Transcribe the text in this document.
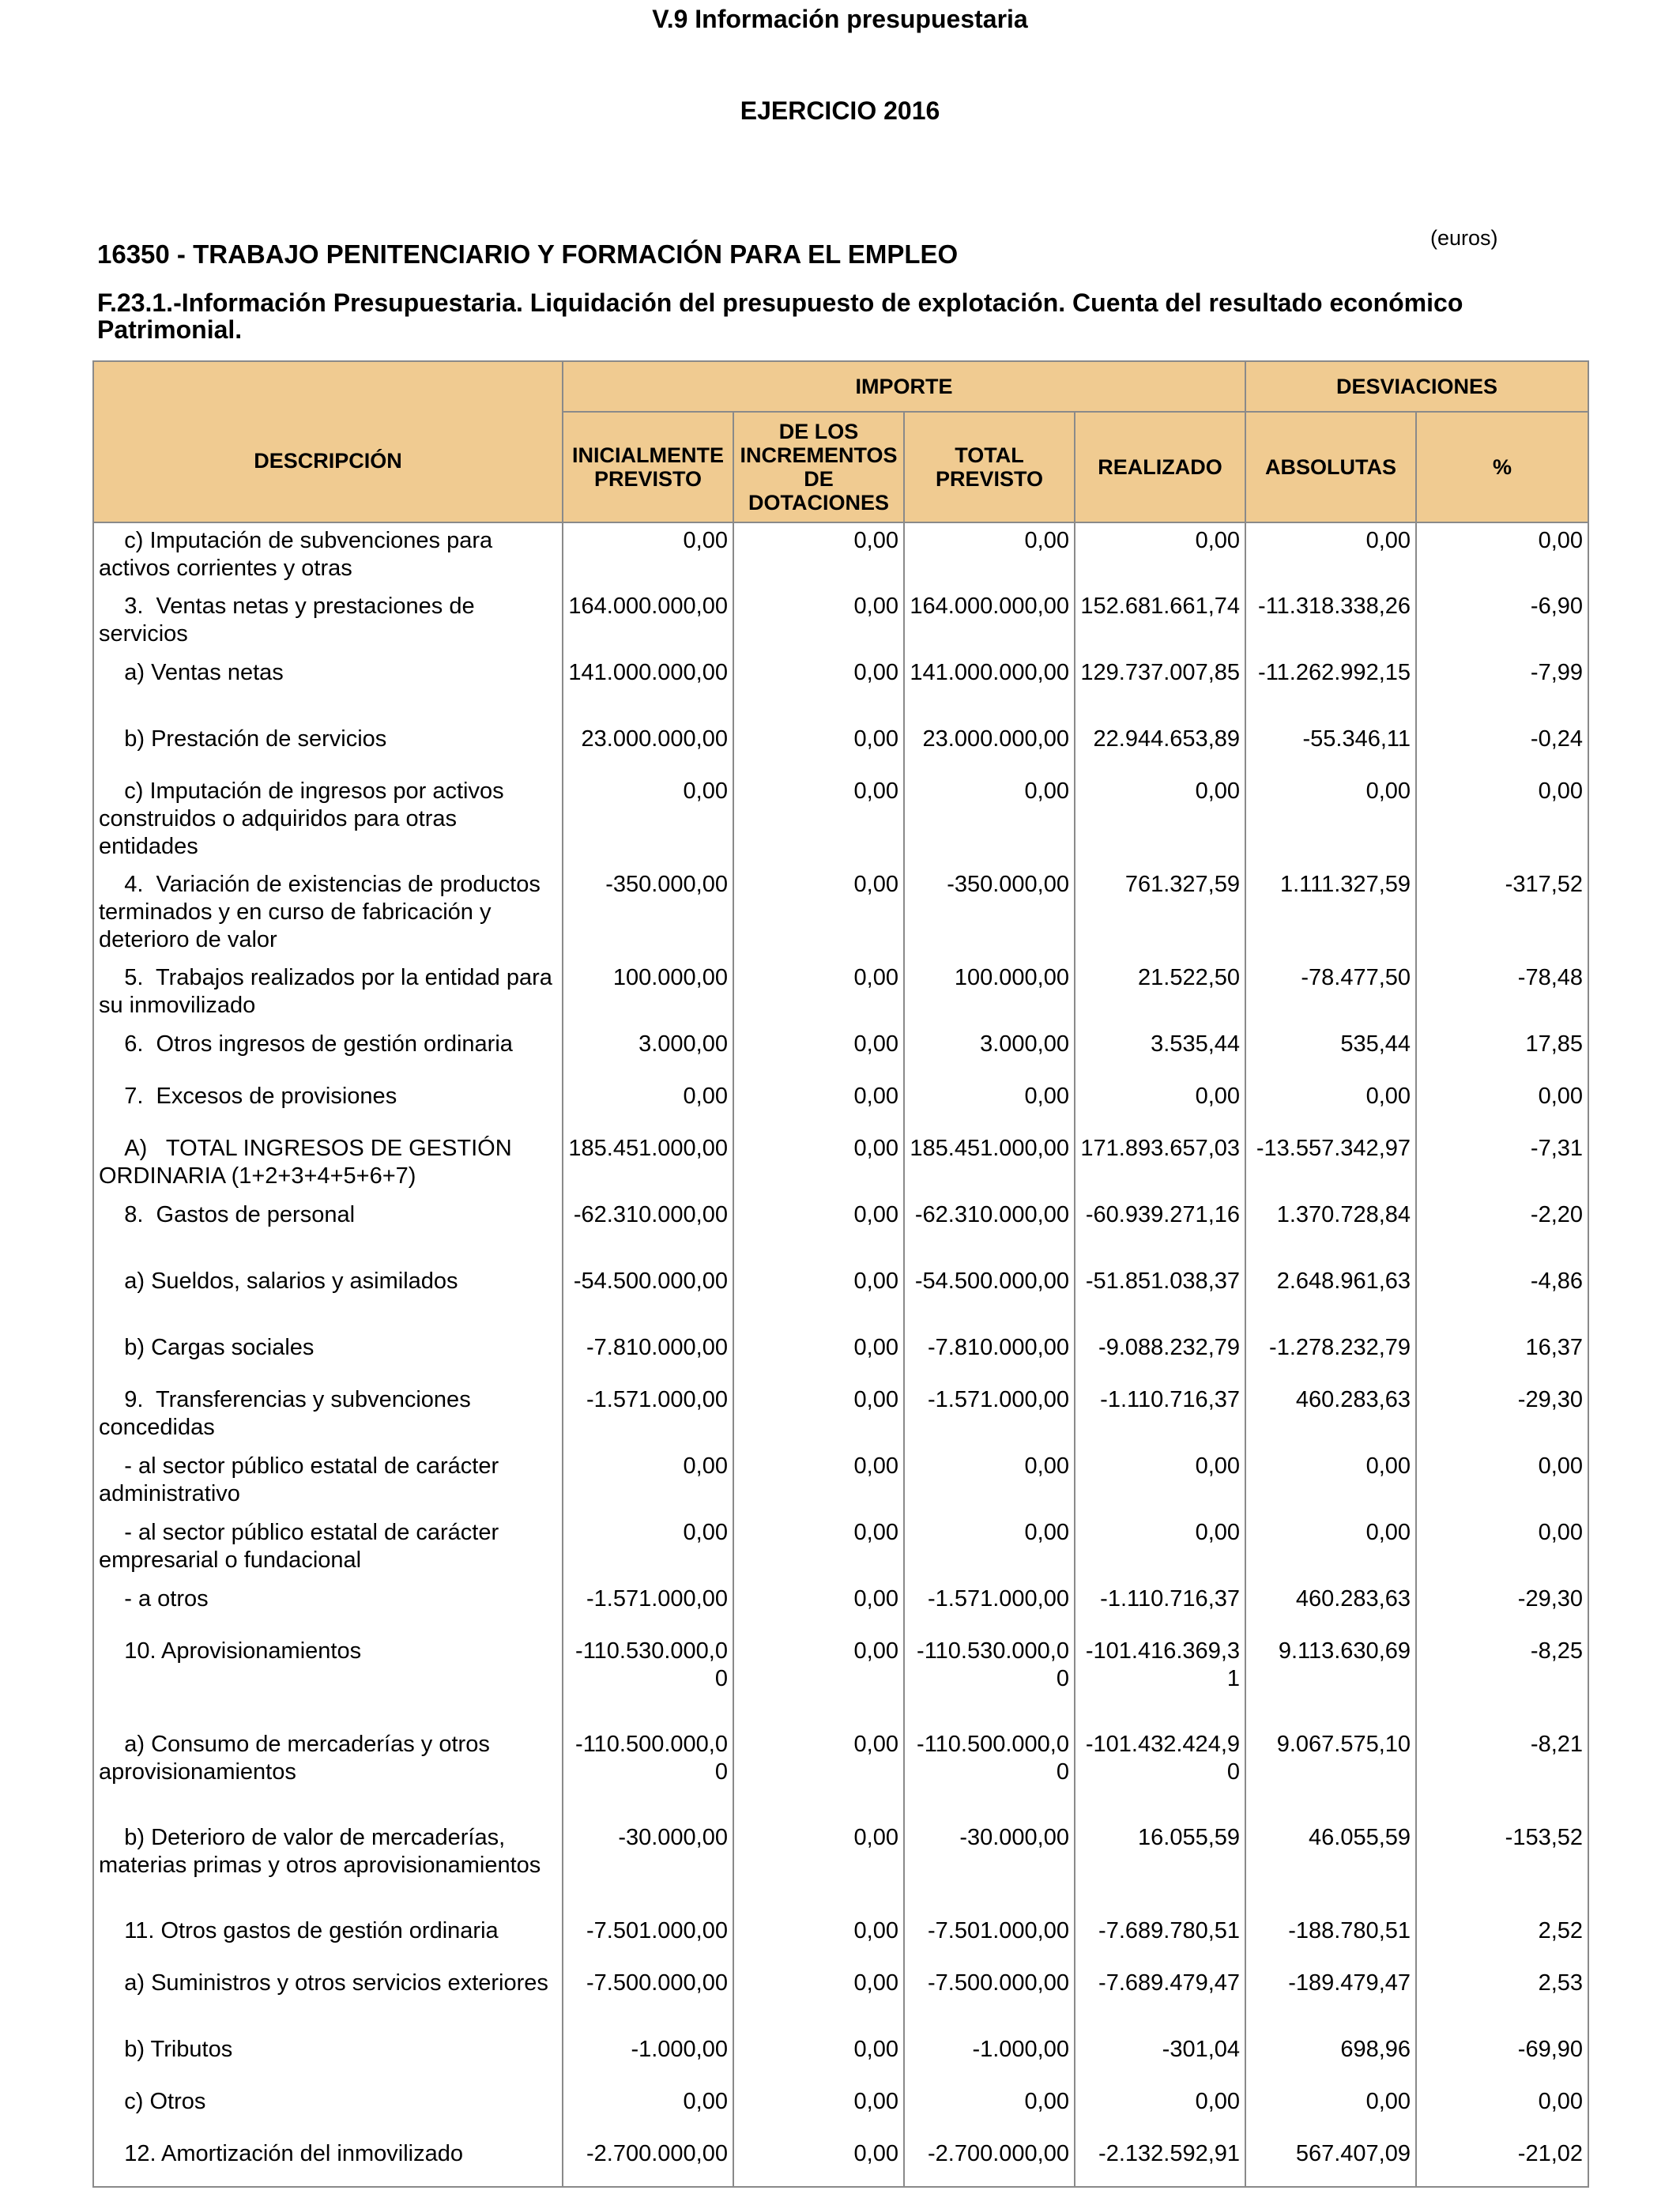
V.9 Información presupuestaria
EJERCICIO 2016
(euros)
16350 - TRABAJO PENITENCIARIO Y FORMACIÓN PARA EL EMPLEO
F.23.1.-Información Presupuestaria. Liquidación del presupuesto de explotación. Cuenta del resultado económico Patrimonial.
DESCRIPCIÓN	IMPORTE				DESVIACIONES	
	INICIALMENTE PREVISTO	DE LOS INCREMENTOS DE DOTACIONES	TOTAL PREVISTO	REALIZADO	ABSOLUTAS	%
c) Imputación de subvenciones para activos corrientes y otras	0,00	0,00	0,00	0,00	0,00	0,00
3.  Ventas netas y prestaciones de servicios	164.000.000,00	0,00	164.000.000,00	152.681.661,74	-11.318.338,26	-6,90
a) Ventas netas	141.000.000,00	0,00	141.000.000,00	129.737.007,85	-11.262.992,15	-7,99
b) Prestación de servicios	23.000.000,00	0,00	23.000.000,00	22.944.653,89	-55.346,11	-0,24
c) Imputación de ingresos por activos construidos o adquiridos para otras entidades	0,00	0,00	0,00	0,00	0,00	0,00
4.  Variación de existencias de productos terminados y en curso de fabricación y deterioro de valor	-350.000,00	0,00	-350.000,00	761.327,59	1.111.327,59	-317,52
5.  Trabajos realizados por la entidad para su inmovilizado	100.000,00	0,00	100.000,00	21.522,50	-78.477,50	-78,48
6.  Otros ingresos de gestión ordinaria	3.000,00	0,00	3.000,00	3.535,44	535,44	17,85
7.  Excesos de provisiones	0,00	0,00	0,00	0,00	0,00	0,00
A)   TOTAL INGRESOS DE GESTIÓN ORDINARIA (1+2+3+4+5+6+7)	185.451.000,00	0,00	185.451.000,00	171.893.657,03	-13.557.342,97	-7,31
8.  Gastos de personal	-62.310.000,00	0,00	-62.310.000,00	-60.939.271,16	1.370.728,84	-2,20
a) Sueldos, salarios y asimilados	-54.500.000,00	0,00	-54.500.000,00	-51.851.038,37	2.648.961,63	-4,86
b) Cargas sociales	-7.810.000,00	0,00	-7.810.000,00	-9.088.232,79	-1.278.232,79	16,37
9.  Transferencias y subvenciones concedidas	-1.571.000,00	0,00	-1.571.000,00	-1.110.716,37	460.283,63	-29,30
- al sector público estatal de carácter administrativo	0,00	0,00	0,00	0,00	0,00	0,00
- al sector público estatal de carácter empresarial o fundacional	0,00	0,00	0,00	0,00	0,00	0,00
- a otros	-1.571.000,00	0,00	-1.571.000,00	-1.110.716,37	460.283,63	-29,30
10. Aprovisionamientos	-110.530.000,00	0,00	-110.530.000,00	-101.416.369,31	9.113.630,69	-8,25
a) Consumo de mercaderías y otros aprovisionamientos	-110.500.000,00	0,00	-110.500.000,00	-101.432.424,90	9.067.575,10	-8,21
b) Deterioro de valor de mercaderías, materias primas y otros aprovisionamientos	-30.000,00	0,00	-30.000,00	16.055,59	46.055,59	-153,52
11. Otros gastos de gestión ordinaria	-7.501.000,00	0,00	-7.501.000,00	-7.689.780,51	-188.780,51	2,52
a) Suministros y otros servicios exteriores	-7.500.000,00	0,00	-7.500.000,00	-7.689.479,47	-189.479,47	2,53
b) Tributos	-1.000,00	0,00	-1.000,00	-301,04	698,96	-69,90
c) Otros	0,00	0,00	0,00	0,00	0,00	0,00
12. Amortización del inmovilizado	-2.700.000,00	0,00	-2.700.000,00	-2.132.592,91	567.407,09	-21,02
